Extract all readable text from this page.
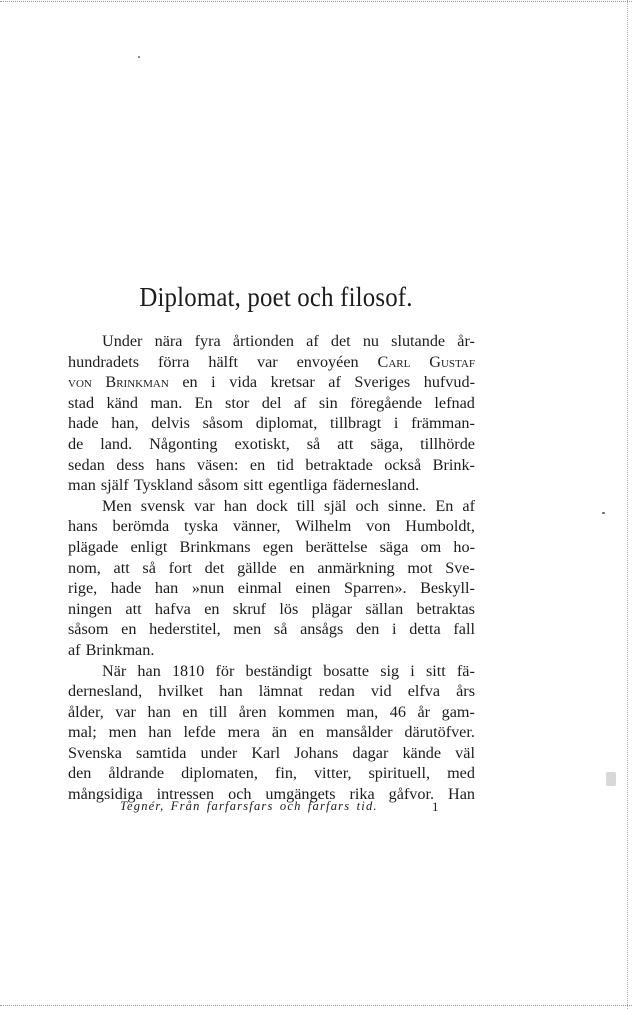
Diplomat, poet och filosof.
Under nära fyra årtionden af det nu slutande år-
hundradets förra hälft var envoyéen Carl Gustaf
von Brinkman en i vida kretsar af Sveriges hufvud-
stad känd man. En stor del af sin föregående lefnad
hade han, delvis såsom diplomat, tillbragt i främman-
de land. Någonting exotiskt, så att säga, tillhörde
sedan dess hans väsen: en tid betraktade också Brink-
man själf Tyskland såsom sitt egentliga fädernesland.
Men svensk var han dock till själ och sinne. En af
hans berömda tyska vänner, Wilhelm von Humboldt,
plägade enligt Brinkmans egen berättelse säga om ho-
nom, att så fort det gällde en anmärkning mot Sve-
rige, hade han »nun einmal einen Sparren». Beskyll-
ningen att hafva en skruf lös plägar sällan betraktas
såsom en hederstitel, men så ansågs den i detta fall
af Brinkman.
När han 1810 för beständigt bosatte sig i sitt fä-
dernesland, hvilket han lämnat redan vid elfva års
ålder, var han en till åren kommen man, 46 år gam-
mal; men han lefde mera än en mansålder därutöfver.
Svenska samtida under Karl Johans dagar kände väl
den åldrande diplomaten, fin, vitter, spirituell, med
mångsidiga intressen och umgängets rika gåfvor. Han
Tegnér, Från farfarsfars och farfars tid.	1
